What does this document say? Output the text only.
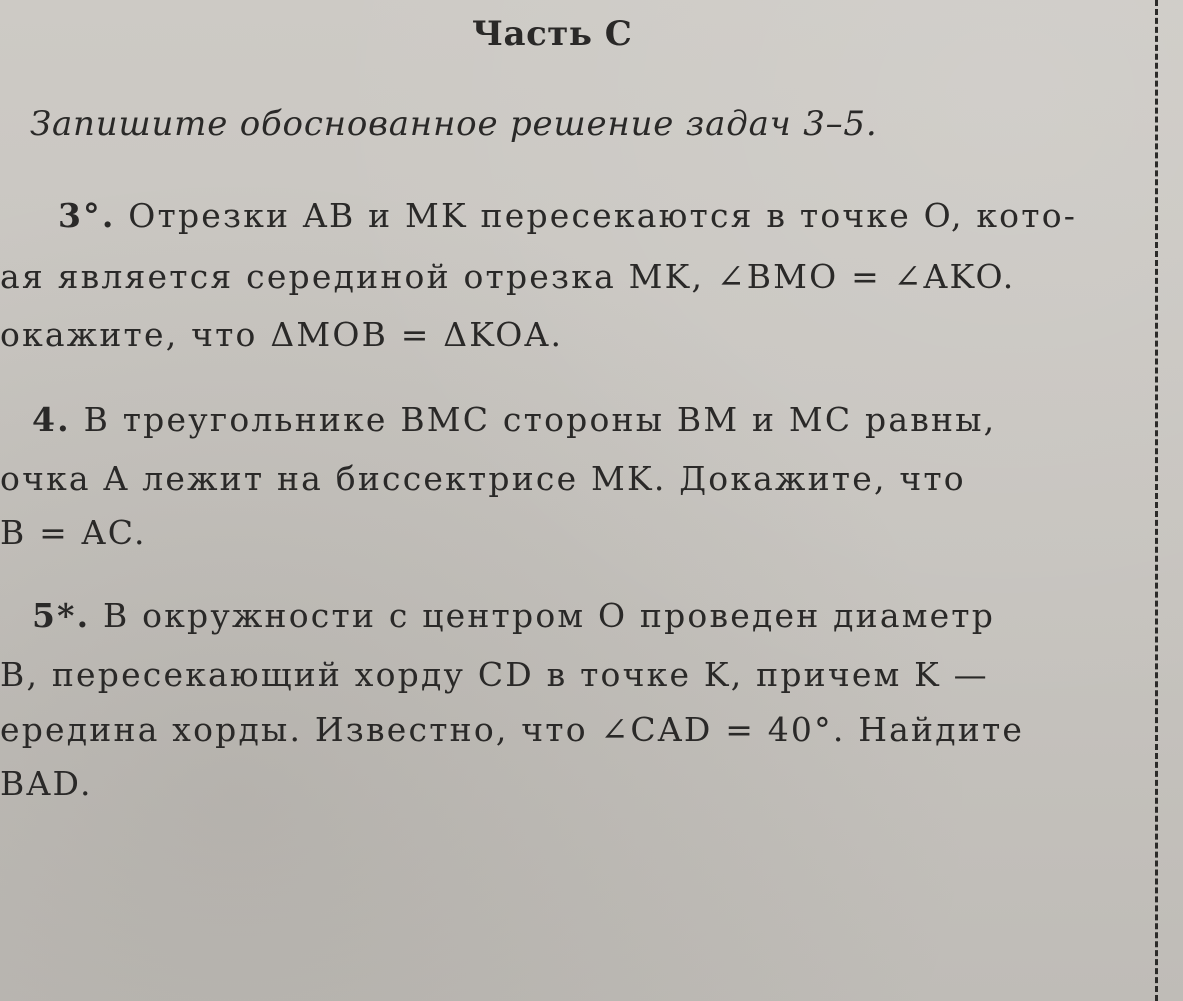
Часть С
Запишите обоснованное решение задач 3–5.
3°. Отрезки AB и MK пересекаются в точке O, кото-
ая является серединой отрезка MK, ∠BMO = ∠AKO.
окажите, что ΔMOB = ΔKOA.
4. В треугольнике BMC стороны BM и MC равны,
очка A лежит на биссектрисе MK. Докажите, что
B = AC.
5*. В окружности с центром O проведен диаметр
B, пересекающий хорду CD в точке K, причем K —
ередина хорды. Известно, что ∠CAD = 40°. Найдите
BAD.
